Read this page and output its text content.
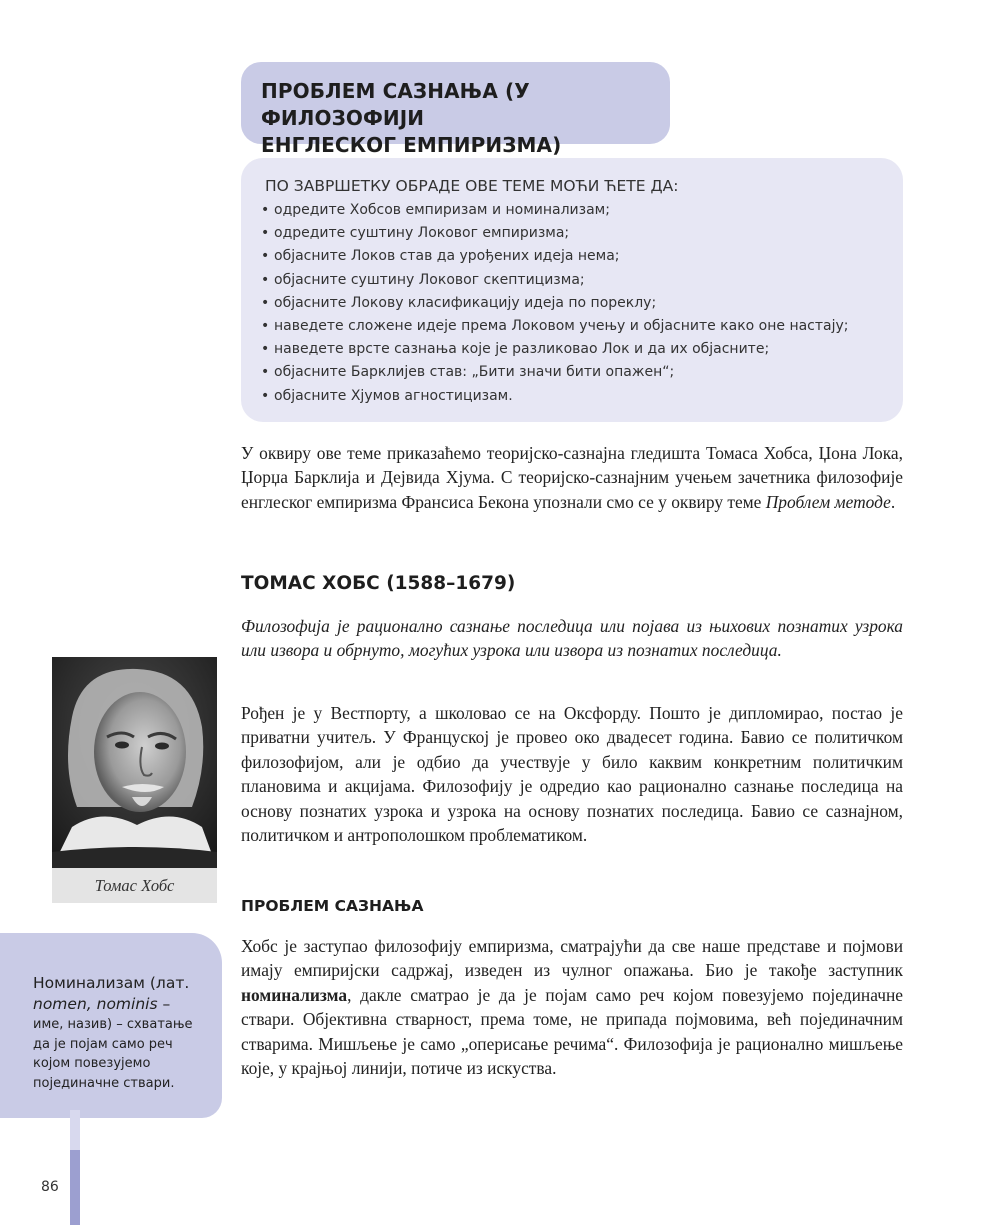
ПРОБЛЕМ САЗНАЊА (У ФИЛОЗОФИЈИ
ЕНГЛЕСКОГ ЕМПИРИЗМА)
ПО ЗАВРШЕТКУ ОБРАДЕ ОВЕ ТЕМЕ МОЋИ ЋЕТЕ ДА:
• одредите Хобсов емпиризам и номинализам;
• одредите суштину Локовог емпиризма;
• објасните Локов став да урођених идеја нема;
• објасните суштину Локовог скептицизма;
• објасните Локову класификацију идеја по пореклу;
• наведете сложене идеје према Локовом учењу и објасните како оне настају;
• наведете врсте сазнања које је разликовао Лок и да их објасните;
• објасните Барклијев став: „Бити значи бити опажен“;
• објасните Хјумов агностицизам.

У оквиру ове теме приказаћемо теоријско-сазнајна гледишта Томаса Хобса, Џона Лока, Џорџа Барклија и Дејвида Хјума. С теоријско-сазнајним учењем зачетника филозофије енглеског емпиризма Франсиса Бекона упознали смо се у оквиру теме Проблем методе.

ТОМАС ХОБС (1588–1679)

Филозофија је рационално сазнање последица или појава из њихових познатих узрока или извора и обрнуто, могућих узрока или извора из познатих последица.

Томас Хобс

Рођен је у Вестпорту, а школовао се на Оксфорду. Пошто је дипломирао, постао је приватни учитељ. У Француској је провео око двадесет година. Бавио се политичком филозофијом, али је одбио да учествује у било каквим конкретним политичким плановима и акцијама. Филозофију је одредио као рационално сазнање последица на основу познатих узрока и узрока на основу познатих последица. Бавио се сазнајном, политичком и антрополошком проблематиком.

ПРОБЛЕМ САЗНАЊА

Хобс је заступао филозофију емпиризма, сматрајући да све наше представе и појмови имају емпиријски садржај, изведен из чулног опажања. Био је такође заступник номинализма, дакле сматрао је да је појам само реч којом повезујемо појединачне ствари. Објективна стварност, према томе, не припада појмовима, већ појединачним стварима. Мишљење је само „оперисање речима“. Филозофија је рационално мишљење које, у крајњој линији, потиче из искуства.

Номинализам (лат.
nomen, nominis –
име, назив) – схватање да је појам само реч којом повезујемо појединачне ствари.
86
